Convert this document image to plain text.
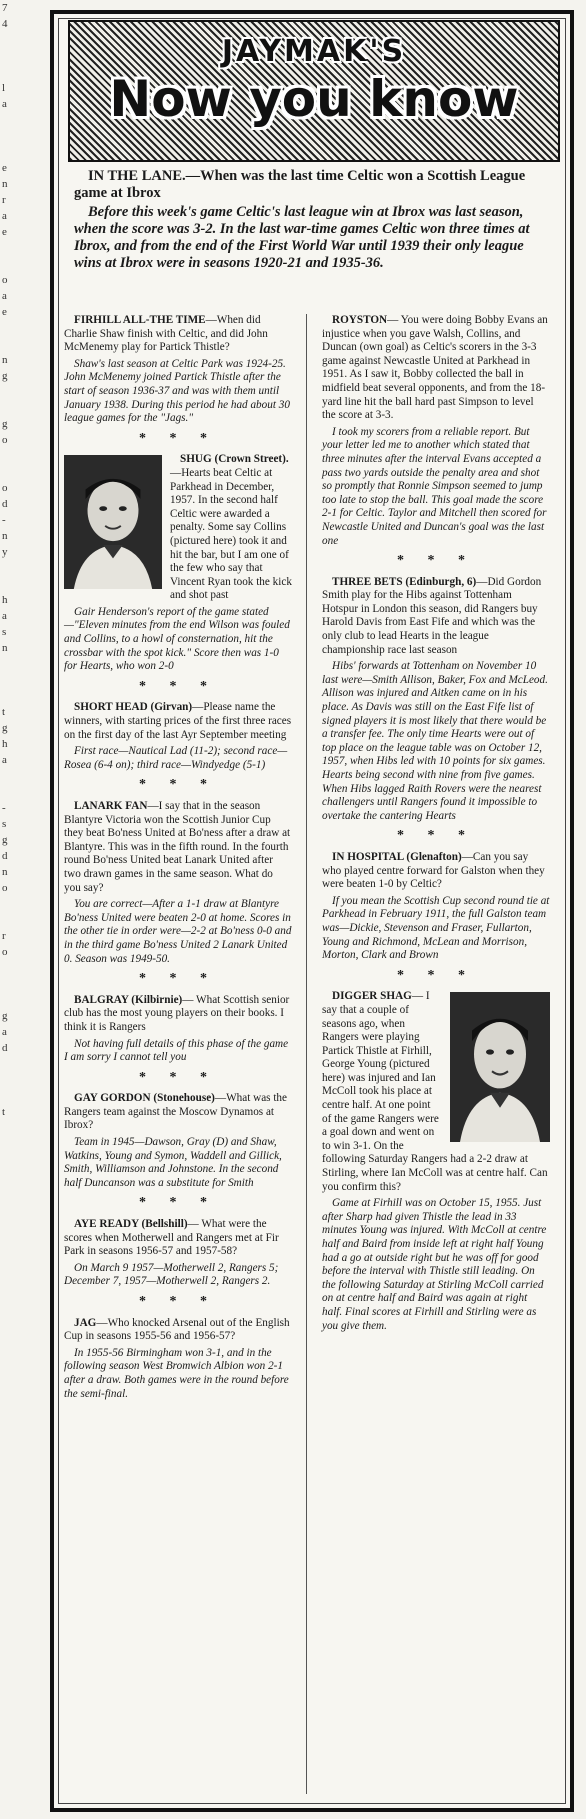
7
4

l
a

e
n
r
a
e

o
a
e

n
g

g
o

o
d
-
n
y

h
a
s
n

t
g
h
a

-
s
g
d
n
o

r
o

g
a
d

t
JAYMAK'S
Now you know

IN THE LANE.—When was the last time Celtic won a Scottish League game at Ibrox

Before this week's game Celtic's last league win at Ibrox was last season, when the score was 3-2. In the last war-time games Celtic won three times at Ibrox, and from the end of the First World War until 1939 their only league wins at Ibrox were in seasons 1920-21 and 1935-36.

FIRHILL ALL-THE TIME—When did Charlie Shaw finish with Celtic, and did John McMenemy play for Partick Thistle?

Shaw's last season at Celtic Park was 1924-25. John McMenemy joined Partick Thistle after the start of season 1936-37 and was with them until January 1938. During this period he had about 30 league games for the "Jags."

* * *

SHUG (Crown Street).—Hearts beat Celtic at Parkhead in December, 1957. In the second half Celtic were awarded a penalty. Some say Collins (pictured here) took it and hit the bar, but I am one of the few who say that Vincent Ryan took the kick and shot past

Gair Henderson's report of the game stated—"Eleven minutes from the end Wilson was fouled and Collins, to a howl of consternation, hit the crossbar with the spot kick." Score then was 1-0 for Hearts, who won 2-0

* * *

SHORT HEAD (Girvan)—Please name the winners, with starting prices of the first three races on the first day of the last Ayr September meeting

First race—Nautical Lad (11-2); second race—Rosea (6-4 on); third race—Windyedge (5-1)

* * *

LANARK FAN—I say that in the season Blantyre Victoria won the Scottish Junior Cup they beat Bo'ness United at Bo'ness after a draw at Blantyre. This was in the fifth round. In the fourth round Bo'ness United beat Lanark United after two drawn games in the same season. What do you say?

You are correct—After a 1-1 draw at Blantyre Bo'ness United were beaten 2-0 at home. Scores in the other tie in order were—2-2 at Bo'ness 0-0 and in the third game Bo'ness United 2 Lanark United 0. Season was 1949-50.

* * *

BALGRAY (Kilbirnie)— What Scottish senior club has the most young players on their books. I think it is Rangers

Not having full details of this phase of the game I am sorry I cannot tell you

* * *

GAY GORDON (Stonehouse)—What was the Rangers team against the Moscow Dynamos at Ibrox?

Team in 1945—Dawson, Gray (D) and Shaw, Watkins, Young and Symon, Waddell and Gillick, Smith, Williamson and Johnstone. In the second half Duncanson was a substitute for Smith

* * *

AYE READY (Bellshill)— What were the scores when Motherwell and Rangers met at Fir Park in seasons 1956-57 and 1957-58?

On March 9 1957—Motherwell 2, Rangers 5; December 7, 1957—Motherwell 2, Rangers 2.

* * *

JAG—Who knocked Arsenal out of the English Cup in seasons 1955-56 and 1956-57?

In 1955-56 Birmingham won 3-1, and in the following season West Bromwich Albion won 2-1 after a draw. Both games were in the round before the semi-final.

ROYSTON— You were doing Bobby Evans an injustice when you gave Walsh, Collins, and Duncan (own goal) as Celtic's scorers in the 3-3 game against Newcastle United at Parkhead in 1951. As I saw it, Bobby collected the ball in midfield beat several opponents, and from the 18-yard line hit the ball hard past Simpson to level the score at 3-3.

I took my scorers from a reliable report. But your letter led me to another which stated that three minutes after the interval Evans accepted a pass two yards outside the penalty area and shot so promptly that Ronnie Simpson seemed to jump too late to stop the ball. This goal made the score 2-1 for Celtic. Taylor and Mitchell then scored for Newcastle United and Duncan's goal was the last one

* * *

THREE BETS (Edinburgh, 6)—Did Gordon Smith play for the Hibs against Tottenham Hotspur in London this season, did Rangers buy Harold Davis from East Fife and which was the only club to lead Hearts in the league championship race last season

Hibs' forwards at Tottenham on November 10 last were—Smith Allison, Baker, Fox and McLeod. Allison was injured and Aitken came on in his place. As Davis was still on the East Fife list of signed players it is most likely that there would be a transfer fee. The only time Hearts were out of top place on the league table was on October 12, 1957, when Hibs led with 10 points for six games. Hearts being second with nine from five games. When Hibs lagged Raith Rovers were the nearest challengers until Rangers found it impossible to overtake the cantering Hearts

* * *

IN HOSPITAL (Glenafton)—Can you say who played centre forward for Galston when they were beaten 1-0 by Celtic?

If you mean the Scottish Cup second round tie at Parkhead in February 1911, the full Galston team was—Dickie, Stevenson and Fraser, Fullarton, Young and Richmond, McLean and Morrison, Morton, Clark and Brown

* * *

DIGGER SHAG— I say that a couple of seasons ago, when Rangers were playing Partick Thistle at Firhill, George Young (pictured here) was injured and Ian McColl took his place at centre half. At one point of the game Rangers were a goal down and went on to win 3-1. On the following Saturday Rangers had a 2-2 draw at Stirling, where Ian McColl was at centre half. Can you confirm this?

Game at Firhill was on October 15, 1955. Just after Sharp had given Thistle the lead in 33 minutes Young was injured. With McColl at centre half and Baird from inside left at right half Young had a go at outside right but he was off for good before the interval with Thistle still leading. On the following Saturday at Stirling McColl carried on at centre half and Baird was again at right half. Final scores at Firhill and Stirling were as you give them.
